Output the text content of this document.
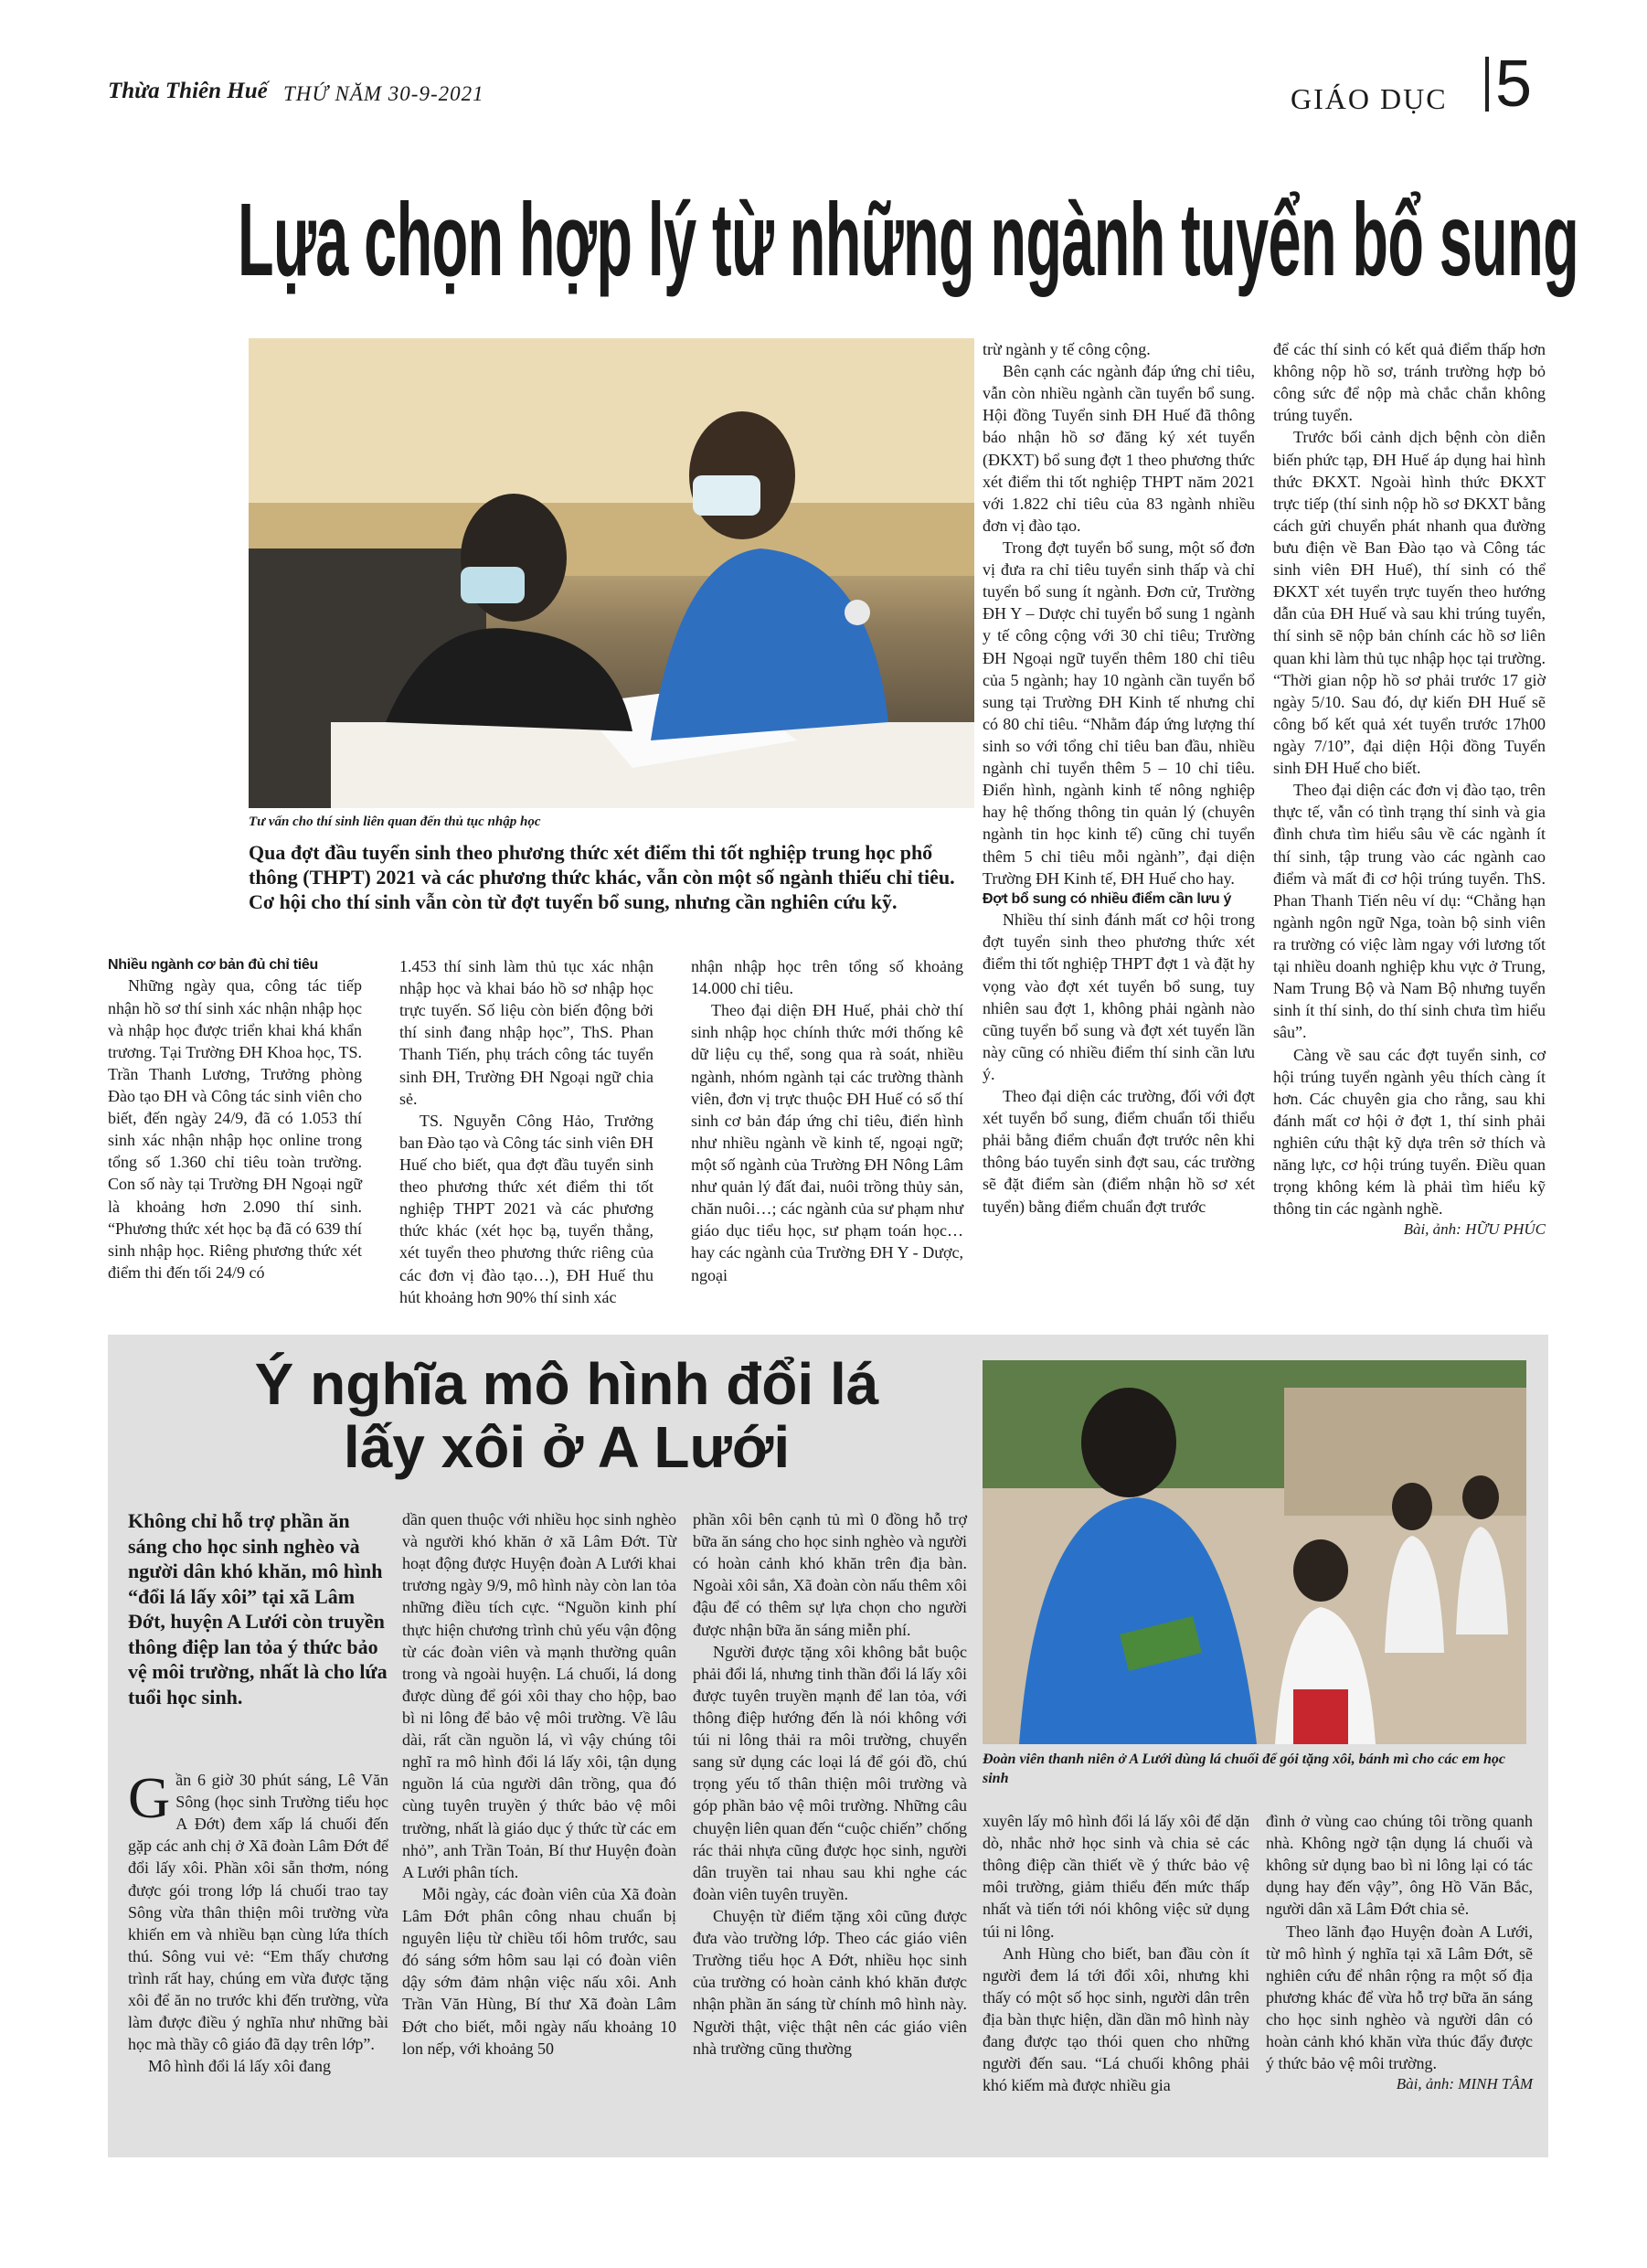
Thừa Thiên Huế THỨ NĂM 30-9-2021	GIÁO DỤC 5
Lựa chọn hợp lý từ những ngành tuyển bổ sung
Tư vấn cho thí sinh liên quan đến thủ tục nhập học
Qua đợt đầu tuyển sinh theo phương thức xét điểm thi tốt nghiệp trung học phổ thông (THPT) 2021 và các phương thức khác, vẫn còn một số ngành thiếu chỉ tiêu. Cơ hội cho thí sinh vẫn còn từ đợt tuyển bổ sung, nhưng cần nghiên cứu kỹ.

Nhiều ngành cơ bản đủ chỉ tiêu

Những ngày qua, công tác tiếp nhận hồ sơ thí sinh xác nhận nhập học và nhập học được triển khai khá khẩn trương. Tại Trường ĐH Khoa học, TS. Trần Thanh Lương, Trưởng phòng Đào tạo ĐH và Công tác sinh viên cho biết, đến ngày 24/9, đã có 1.053 thí sinh xác nhận nhập học online trong tổng số 1.360 chỉ tiêu toàn trường. Con số này tại Trường ĐH Ngoại ngữ là khoảng hơn 2.090 thí sinh. “Phương thức xét học bạ đã có 639 thí sinh nhập học. Riêng phương thức xét điểm thi đến tối 24/9 có

1.453 thí sinh làm thủ tục xác nhận nhập học và khai báo hồ sơ nhập học trực tuyến. Số liệu còn biến động bởi thí sinh đang nhập học”, ThS. Phan Thanh Tiến, phụ trách công tác tuyển sinh ĐH, Trường ĐH Ngoại ngữ chia sẻ.

TS. Nguyễn Công Hảo, Trưởng ban Đào tạo và Công tác sinh viên ĐH Huế cho biết, qua đợt đầu tuyển sinh theo phương thức xét điểm thi tốt nghiệp THPT 2021 và các phương thức khác (xét học bạ, tuyển thẳng, xét tuyển theo phương thức riêng của các đơn vị đào tạo…), ĐH Huế thu hút khoảng hơn 90% thí sinh xác

nhận nhập học trên tổng số khoảng 14.000 chỉ tiêu.

Theo đại diện ĐH Huế, phải chờ thí sinh nhập học chính thức mới thống kê dữ liệu cụ thể, song qua rà soát, nhiều ngành, nhóm ngành tại các trường thành viên, đơn vị trực thuộc ĐH Huế có số thí sinh cơ bản đáp ứng chỉ tiêu, điển hình như nhiều ngành về kinh tế, ngoại ngữ; một số ngành của Trường ĐH Nông Lâm như quản lý đất đai, nuôi trồng thủy sản, chăn nuôi…; các ngành của sư phạm như giáo dục tiểu học, sư phạm toán học… hay các ngành của Trường ĐH Y - Dược, ngoại

trừ ngành y tế công cộng.

Bên cạnh các ngành đáp ứng chỉ tiêu, vẫn còn nhiều ngành cần tuyển bổ sung. Hội đồng Tuyển sinh ĐH Huế đã thông báo nhận hồ sơ đăng ký xét tuyển (ĐKXT) bổ sung đợt 1 theo phương thức xét điểm thi tốt nghiệp THPT năm 2021 với 1.822 chỉ tiêu của 83 ngành nhiều đơn vị đào tạo.

Trong đợt tuyển bổ sung, một số đơn vị đưa ra chỉ tiêu tuyển sinh thấp và chỉ tuyển bổ sung ít ngành. Đơn cử, Trường ĐH Y – Dược chỉ tuyển bổ sung 1 ngành y tế công cộng với 30 chỉ tiêu; Trường ĐH Ngoại ngữ tuyển thêm 180 chỉ tiêu của 5 ngành; hay 10 ngành cần tuyển bổ sung tại Trường ĐH Kinh tế nhưng chỉ có 80 chỉ tiêu. “Nhằm đáp ứng lượng thí sinh so với tổng chỉ tiêu ban đầu, nhiều ngành chỉ tuyển thêm 5 – 10 chỉ tiêu. Điển hình, ngành kinh tế nông nghiệp hay hệ thống thông tin quản lý (chuyên ngành tin học kinh tế) cũng chỉ tuyển thêm 5 chỉ tiêu mỗi ngành”, đại diện Trường ĐH Kinh tế, ĐH Huế cho hay.

Đợt bổ sung có nhiều điểm cần lưu ý

Nhiều thí sinh đánh mất cơ hội trong đợt tuyển sinh theo phương thức xét điểm thi tốt nghiệp THPT đợt 1 và đặt hy vọng vào đợt xét tuyển bổ sung, tuy nhiên sau đợt 1, không phải ngành nào cũng tuyển bổ sung và đợt xét tuyển lần này cũng có nhiều điểm thí sinh cần lưu ý.

Theo đại diện các trường, đối với đợt xét tuyển bổ sung, điểm chuẩn tối thiểu phải bằng điểm chuẩn đợt trước nên khi thông báo tuyển sinh đợt sau, các trường sẽ đặt điểm sàn (điểm nhận hồ sơ xét tuyển) bằng điểm chuẩn đợt trước

để các thí sinh có kết quả điểm thấp hơn không nộp hồ sơ, tránh trường hợp bỏ công sức để nộp mà chắc chắn không trúng tuyển.

Trước bối cảnh dịch bệnh còn diễn biến phức tạp, ĐH Huế áp dụng hai hình thức ĐKXT. Ngoài hình thức ĐKXT trực tiếp (thí sinh nộp hồ sơ ĐKXT bằng cách gửi chuyển phát nhanh qua đường bưu điện về Ban Đào tạo và Công tác sinh viên ĐH Huế), thí sinh có thể ĐKXT xét tuyển trực tuyến theo hướng dẫn của ĐH Huế và sau khi trúng tuyển, thí sinh sẽ nộp bản chính các hồ sơ liên quan khi làm thủ tục nhập học tại trường. “Thời gian nộp hồ sơ phải trước 17 giờ ngày 5/10. Sau đó, dự kiến ĐH Huế sẽ công bố kết quả xét tuyển trước 17h00 ngày 7/10”, đại diện Hội đồng Tuyển sinh ĐH Huế cho biết.

Theo đại diện các đơn vị đào tạo, trên thực tế, vẫn có tình trạng thí sinh và gia đình chưa tìm hiểu sâu về các ngành ít thí sinh, tập trung vào các ngành cao điểm và mất đi cơ hội trúng tuyển. ThS. Phan Thanh Tiến nêu ví dụ: “Chẳng hạn ngành ngôn ngữ Nga, toàn bộ sinh viên ra trường có việc làm ngay với lương tốt tại nhiều doanh nghiệp khu vực ở Trung, Nam Trung Bộ và Nam Bộ nhưng tuyển sinh ít thí sinh, do thí sinh chưa tìm hiểu sâu”.

Càng về sau các đợt tuyển sinh, cơ hội trúng tuyển ngành yêu thích càng ít hơn. Các chuyên gia cho rằng, sau khi đánh mất cơ hội ở đợt 1, thí sinh phải nghiên cứu thật kỹ dựa trên sở thích và năng lực, cơ hội trúng tuyển. Điều quan trọng không kém là phải tìm hiểu kỹ thông tin các ngành nghề.

Bài, ảnh: HỮU PHÚC

Ý nghĩa mô hình đổi lá
lấy xôi ở A Lưới
Đoàn viên thanh niên ở A Lưới dùng lá chuối để gói tặng xôi, bánh mì cho các em học sinh
Không chỉ hỗ trợ phần ăn sáng cho học sinh nghèo và người dân khó khăn, mô hình “đổi lá lấy xôi” tại xã Lâm Đớt, huyện A Lưới còn truyền thông điệp lan tỏa ý thức bảo vệ môi trường, nhất là cho lứa tuổi học sinh.

Gần 6 giờ 30 phút sáng, Lê Văn Sông (học sinh Trường tiểu học A Đớt) đem xấp lá chuối đến gặp các anh chị ở Xã đoàn Lâm Đớt để đổi lấy xôi. Phần xôi sẵn thơm, nóng được gói trong lớp lá chuối trao tay Sông vừa thân thiện môi trường vừa khiến em và nhiều bạn cùng lứa thích thú. Sông vui vẻ: “Em thấy chương trình rất hay, chúng em vừa được tặng xôi để ăn no trước khi đến trường, vừa làm được điều ý nghĩa như những bài học mà thầy cô giáo đã dạy trên lớp”.

Mô hình đổi lá lấy xôi đang

dần quen thuộc với nhiều học sinh nghèo và người khó khăn ở xã Lâm Đớt. Từ hoạt động được Huyện đoàn A Lưới khai trương ngày 9/9, mô hình này còn lan tỏa những điều tích cực. “Nguồn kinh phí thực hiện chương trình chủ yếu vận động từ các đoàn viên và mạnh thường quân trong và ngoài huyện. Lá chuối, lá dong được dùng để gói xôi thay cho hộp, bao bì ni lông để bảo vệ môi trường. Về lâu dài, rất cần nguồn lá, vì vậy chúng tôi nghĩ ra mô hình đổi lá lấy xôi, tận dụng nguồn lá của người dân trồng, qua đó cùng tuyên truyền ý thức bảo vệ môi trường, nhất là giáo dục ý thức từ các em nhỏ”, anh Trần Toản, Bí thư Huyện đoàn A Lưới phân tích.

Mỗi ngày, các đoàn viên của Xã đoàn Lâm Đớt phân công nhau chuẩn bị nguyên liệu từ chiều tối hôm trước, sau đó sáng sớm hôm sau lại có đoàn viên dậy sớm đảm nhận việc nấu xôi. Anh Trần Văn Hùng, Bí thư Xã đoàn Lâm Đớt cho biết, mỗi ngày nấu khoảng 10 lon nếp, với khoảng 50

phần xôi bên cạnh tủ mì 0 đồng hỗ trợ bữa ăn sáng cho học sinh nghèo và người có hoàn cảnh khó khăn trên địa bàn. Ngoài xôi sắn, Xã đoàn còn nấu thêm xôi đậu để có thêm sự lựa chọn cho người được nhận bữa ăn sáng miễn phí.

Người được tặng xôi không bắt buộc phải đổi lá, nhưng tinh thần đổi lá lấy xôi được tuyên truyền mạnh để lan tỏa, với thông điệp hướng đến là nói không với túi ni lông thải ra môi trường, chuyển sang sử dụng các loại lá để gói đồ, chú trọng yếu tố thân thiện môi trường và góp phần bảo vệ môi trường. Những câu chuyện liên quan đến “cuộc chiến” chống rác thải nhựa cũng được học sinh, người dân truyền tai nhau sau khi nghe các đoàn viên tuyên truyền.

Chuyện từ điểm tặng xôi cũng được đưa vào trường lớp. Theo các giáo viên Trường tiểu học A Đớt, nhiều học sinh của trường có hoàn cảnh khó khăn được nhận phần ăn sáng từ chính mô hình này. Người thật, việc thật nên các giáo viên nhà trường cũng thường

xuyên lấy mô hình đổi lá lấy xôi để dặn dò, nhắc nhở học sinh và chia sẻ các thông điệp cần thiết về ý thức bảo vệ môi trường, giảm thiểu đến mức thấp nhất và tiến tới nói không việc sử dụng túi ni lông.

Anh Hùng cho biết, ban đầu còn ít người đem lá tới đổi xôi, nhưng khi thấy có một số học sinh, người dân trên địa bàn thực hiện, dần dần mô hình này đang được tạo thói quen cho những người đến sau. “Lá chuối không phải khó kiếm mà được nhiều gia

đình ở vùng cao chúng tôi trồng quanh nhà. Không ngờ tận dụng lá chuối và không sử dụng bao bì ni lông lại có tác dụng hay đến vậy”, ông Hồ Văn Bắc, người dân xã Lâm Đớt chia sẻ.

Theo lãnh đạo Huyện đoàn A Lưới, từ mô hình ý nghĩa tại xã Lâm Đớt, sẽ nghiên cứu để nhân rộng ra một số địa phương khác để vừa hỗ trợ bữa ăn sáng cho học sinh nghèo và người dân có hoàn cảnh khó khăn vừa thúc đẩy được ý thức bảo vệ môi trường.

Bài, ảnh: MINH TÂM
